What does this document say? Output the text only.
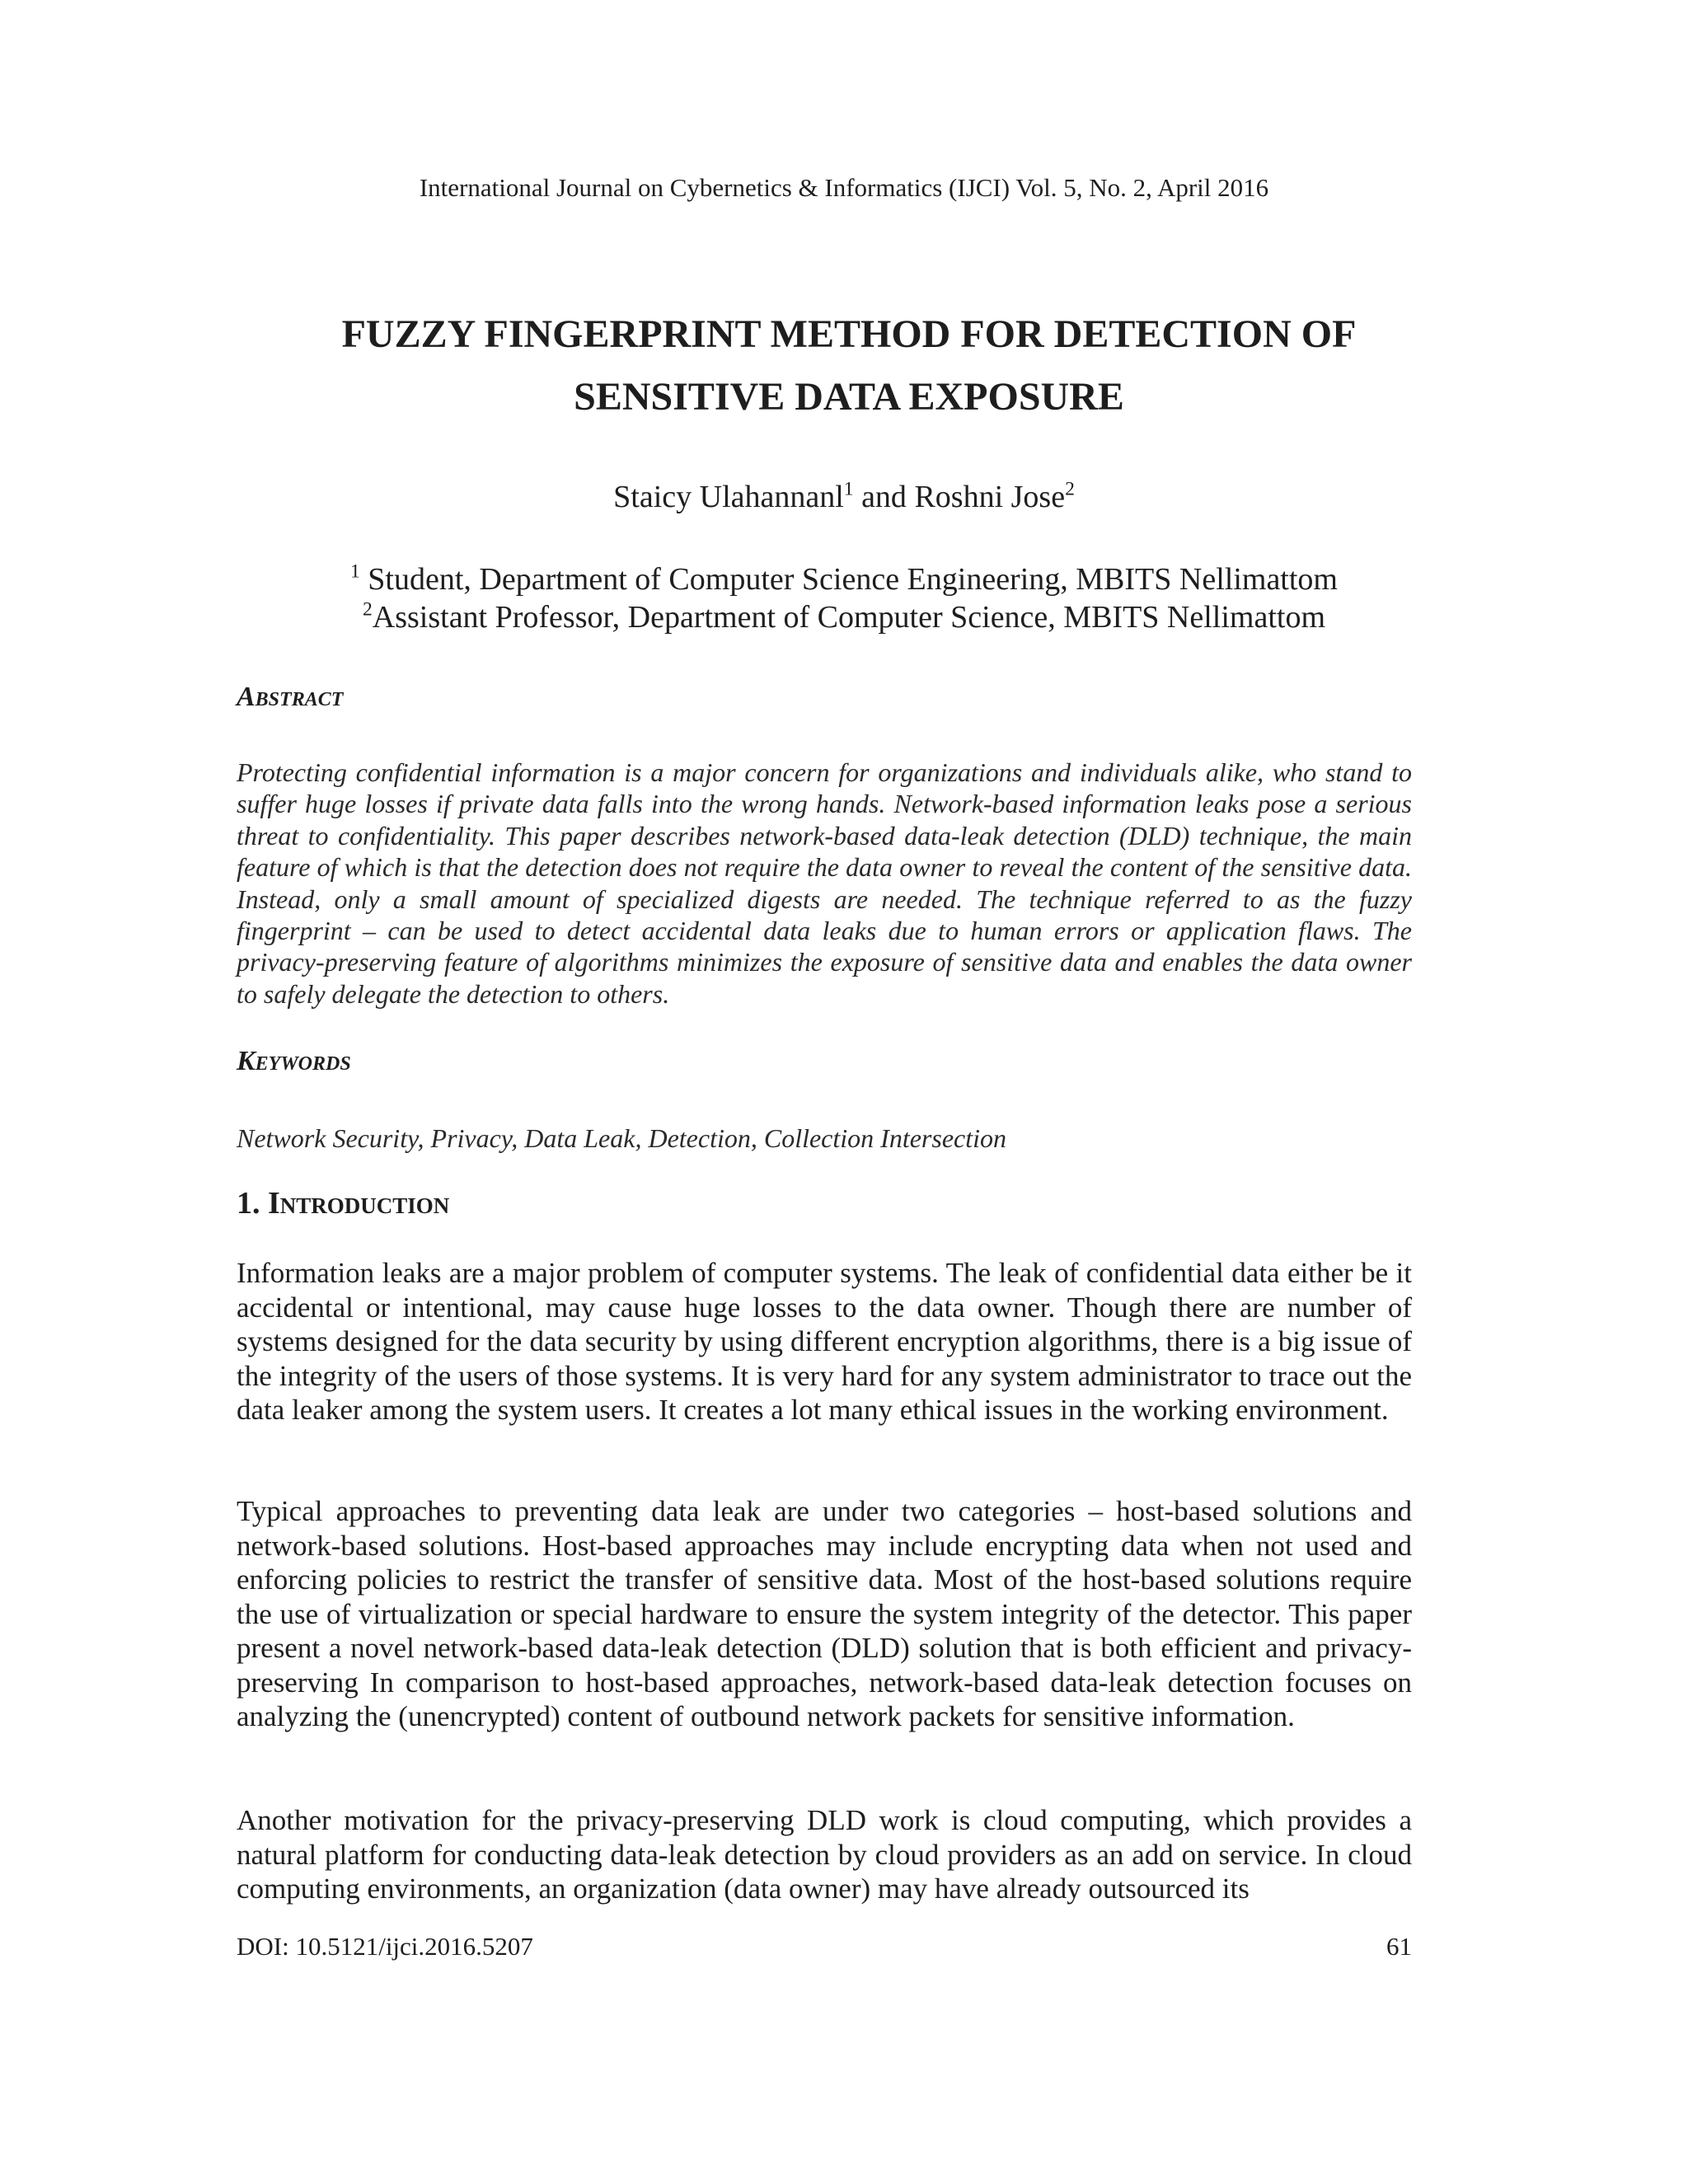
International Journal on Cybernetics & Informatics (IJCI) Vol. 5, No. 2, April 2016
FUZZY FINGERPRINT METHOD FOR DETECTION OF
SENSITIVE DATA EXPOSURE
Staicy Ulahannanl$^1$ and Roshni Jose$^2$
$^1$ Student, Department of Computer Science Engineering, MBITS Nellimattom
$^2$Assistant Professor, Department of Computer Science, MBITS Nellimattom
Abstract
Protecting confidential information is a major concern for organizations and individuals alike, who stand to suffer huge losses if private data falls into the wrong hands. Network-based information leaks pose a serious threat to confidentiality. This paper describes network-based data-leak detection (DLD) technique, the main feature of which is that the detection does not require the data owner to reveal the content of the sensitive data. Instead, only a small amount of specialized digests are needed. The technique referred to as the fuzzy fingerprint – can be used to detect accidental data leaks due to human errors or application flaws. The privacy-preserving feature of algorithms minimizes the exposure of sensitive data and enables the data owner to safely delegate the detection to others.
Keywords
Network Security, Privacy, Data Leak, Detection, Collection Intersection
1. Introduction
Information leaks are a major problem of computer systems. The leak of confidential data either be it accidental or intentional, may cause huge losses to the data owner. Though there are number of systems designed for the data security by using different encryption algorithms, there is a big issue of the integrity of the users of those systems. It is very hard for any system administrator to trace out the data leaker among the system users. It creates a lot many ethical issues in the working environment.
Typical approaches to preventing data leak are under two categories – host-based solutions and network-based solutions. Host-based approaches may include encrypting data when not used and enforcing policies to restrict the transfer of sensitive data. Most of the host-based solutions require the use of virtualization or special hardware to ensure the system integrity of the detector. This paper present a novel network-based data-leak detection (DLD) solution that is both efficient and privacy-preserving In comparison to host-based approaches, network-based data-leak detection focuses on analyzing the (unencrypted) content of outbound network packets for sensitive information.
Another motivation for the privacy-preserving DLD work is cloud computing, which provides a natural platform for conducting data-leak detection by cloud providers as an add on service. In cloud computing environments, an organization (data owner) may have already outsourced its
DOI: 10.5121/ijci.2016.5207	61
